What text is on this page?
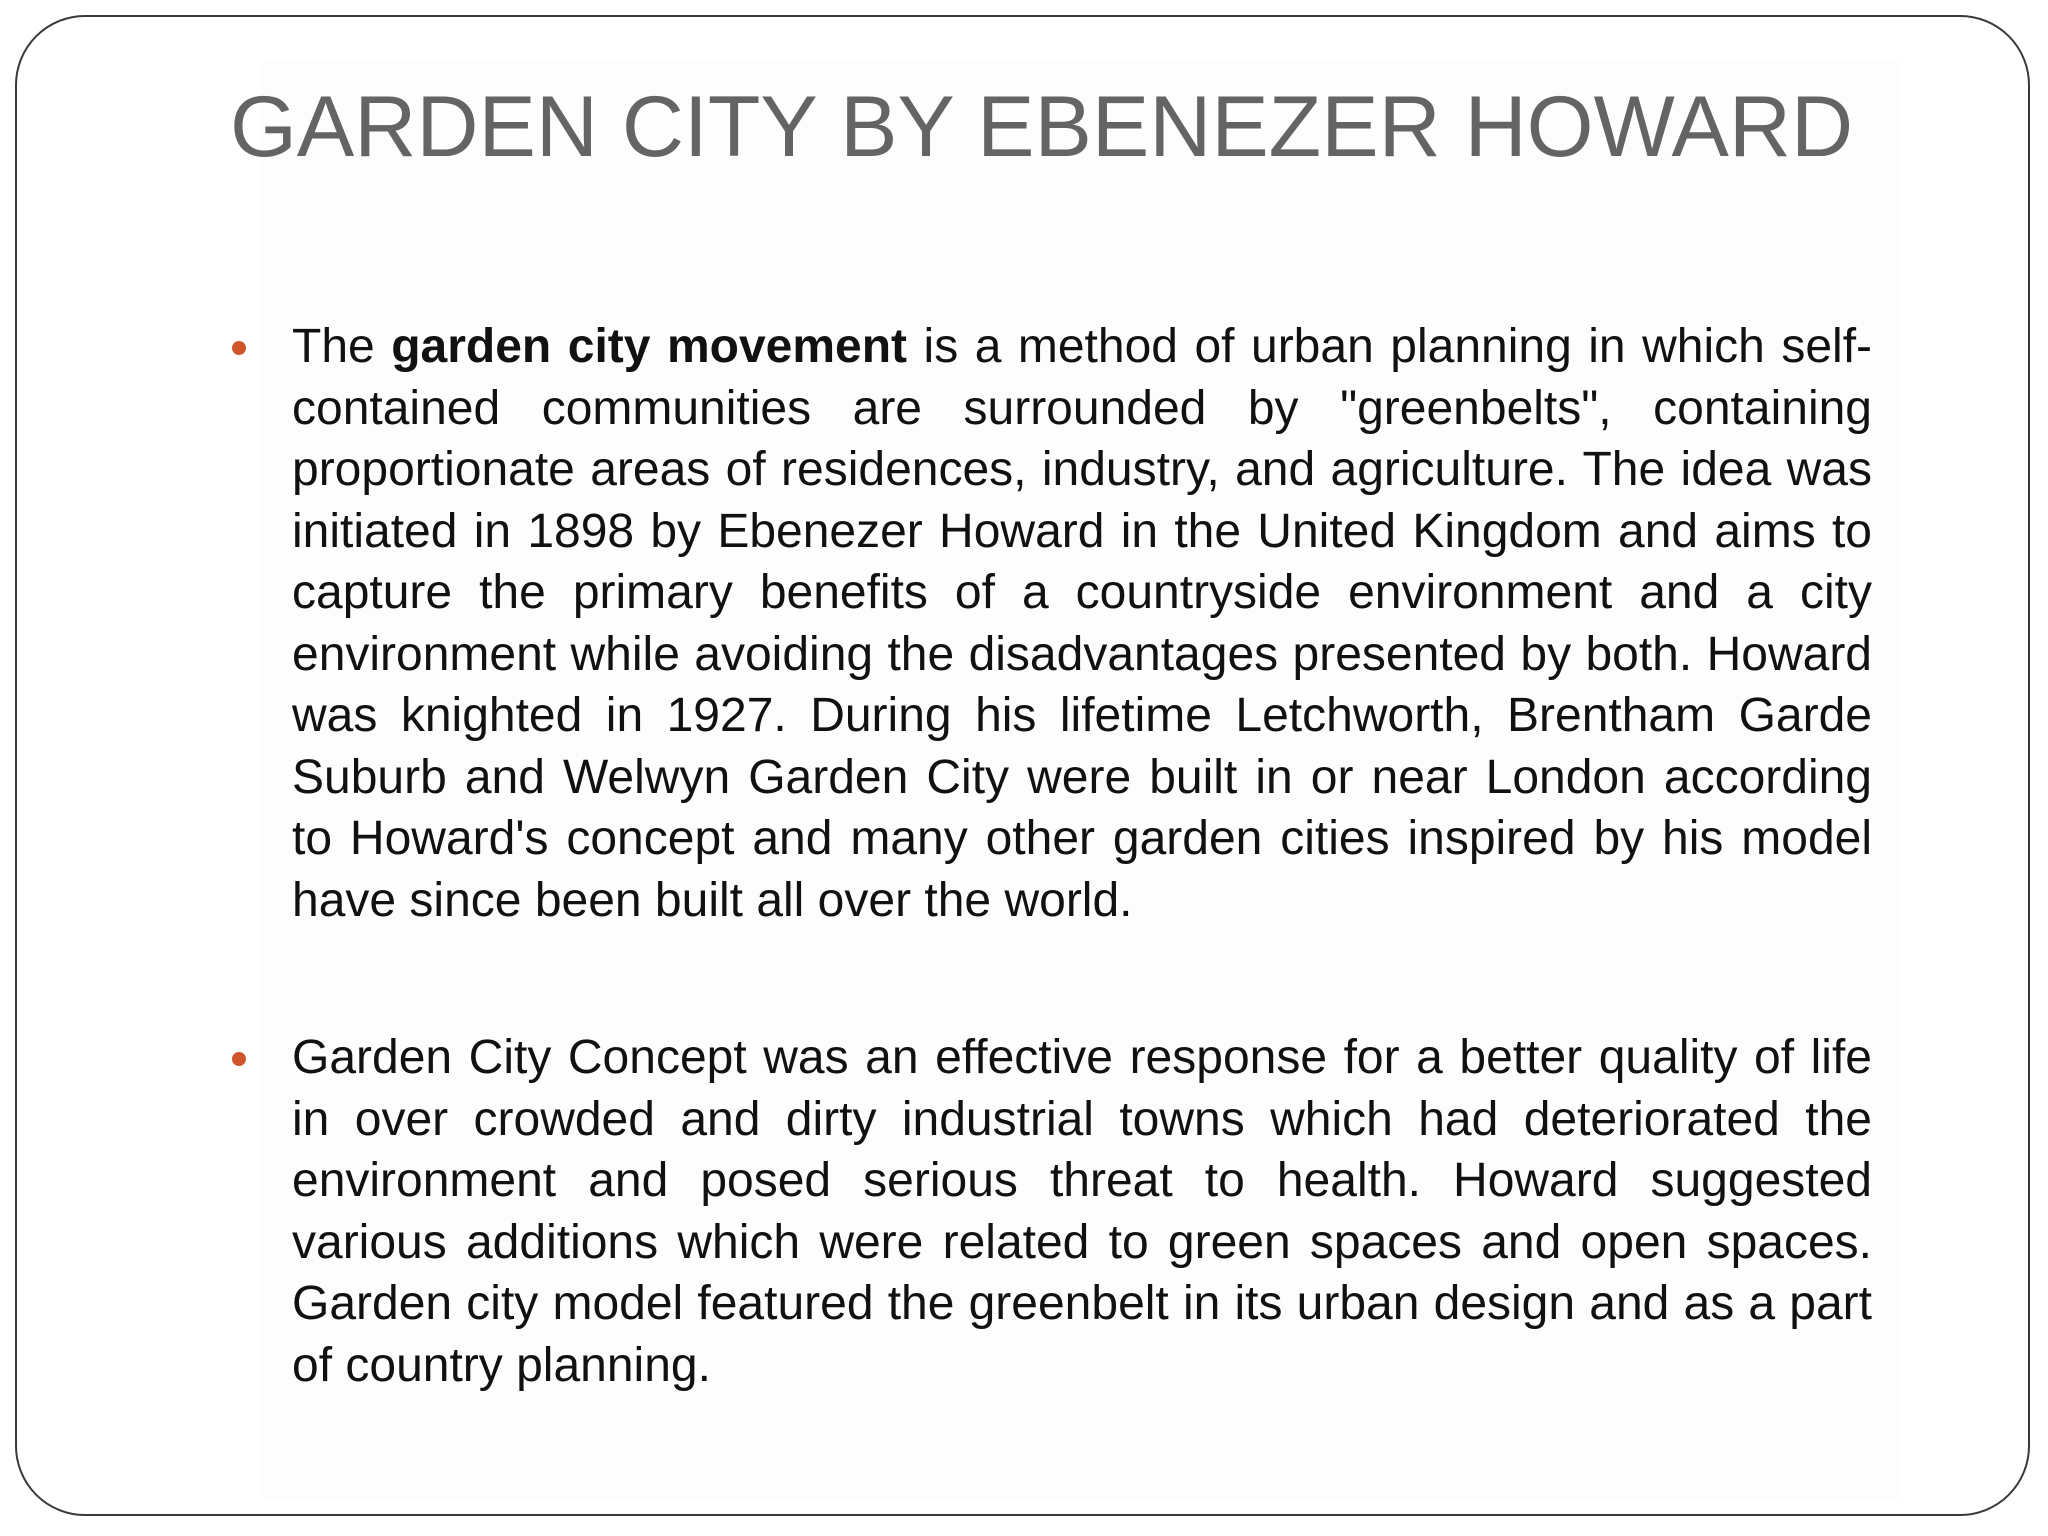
GARDEN CITY BY EBENEZER HOWARD
The garden city movement is a method of urban planning in which self-contained communities are surrounded by "greenbelts", containing proportionate areas of residences, industry, and agriculture. The idea was initiated in 1898 by Ebenezer Howard in the United Kingdom and aims to capture the primary benefits of a countryside environment and a city environment while avoiding the disadvantages presented by both. Howard was knighted in 1927. During his lifetime Letchworth, Brentham Garde Suburb and Welwyn Garden City were built in or near London according to Howard's concept and many other garden cities inspired by his model have since been built all over the world.
Garden City Concept was an effective response for a better quality of life in over crowded and dirty industrial towns which had deteriorated the environment and posed serious threat to health. Howard suggested various additions which were related to green spaces and open spaces. Garden city model featured the greenbelt in its urban design and as a part of country planning.
